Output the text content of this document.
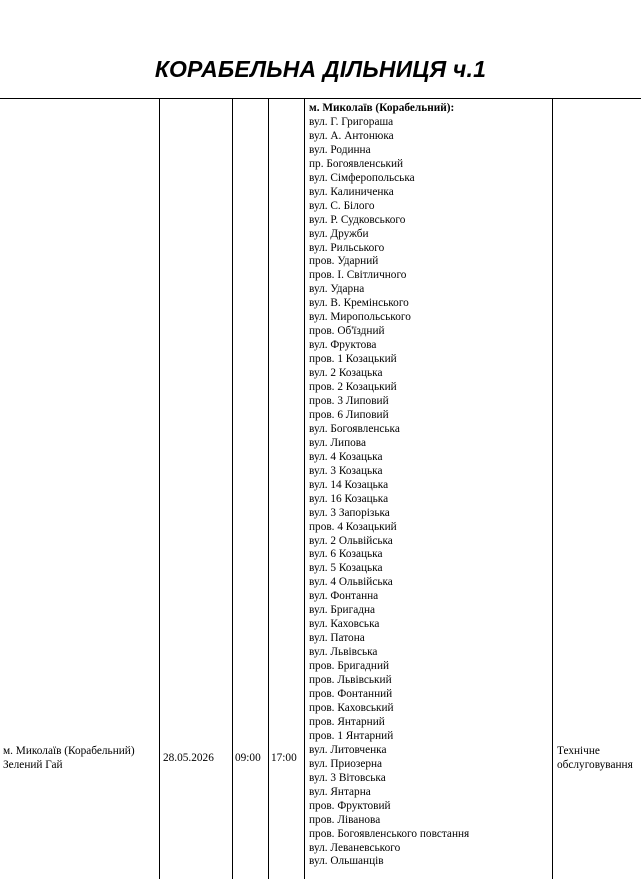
КОРАБЕЛЬНА ДІЛЬНИЦЯ ч.1
м. Миколаїв (Корабельний) Зелений Гай
28.05.2026	09:00 17:00
м. Миколаїв (Корабельний):
вул. Г. Григораша
вул. А. Антонюка
вул. Родинна
пр. Богоявленський
вул. Сімферопольська
вул. Калиниченка
вул. С. Білого
вул. Р. Судковського
вул. Дружби
вул. Рильського
пров. Ударний
пров. І. Світличного
вул. Ударна
вул. В. Кремінського
вул. Миропольського
пров. Об'їздний
вул. Фруктова
пров. 1 Козацький
вул. 2 Козацька
пров. 2 Козацький
пров. 3 Липовий
пров. 6 Липовий
вул. Богоявленська
вул. Липова
вул. 4 Козацька
вул. 3 Козацька
вул. 14 Козацька
вул. 16 Козацька
вул. 3 Запорізька
пров. 4 Козацький
вул. 2 Ольвійська
вул. 6 Козацька
вул. 5 Козацька
вул. 4 Ольвійська
вул. Фонтанна
вул. Бригадна
вул. Каховська
вул. Патона
вул. Львівська
пров. Бригадний
пров. Львівський
пров. Фонтанний
пров. Каховський
пров. Янтарний
пров. 1 Янтарний
вул. Литовченка
вул. Приозерна
вул. 3 Вітовська
вул. Янтарна
пров. Фруктовий
пров. Ліванова
пров. Богоявленського повстання
вул. Леваневського
вул. Ольшанців
Технічне обслуговування
